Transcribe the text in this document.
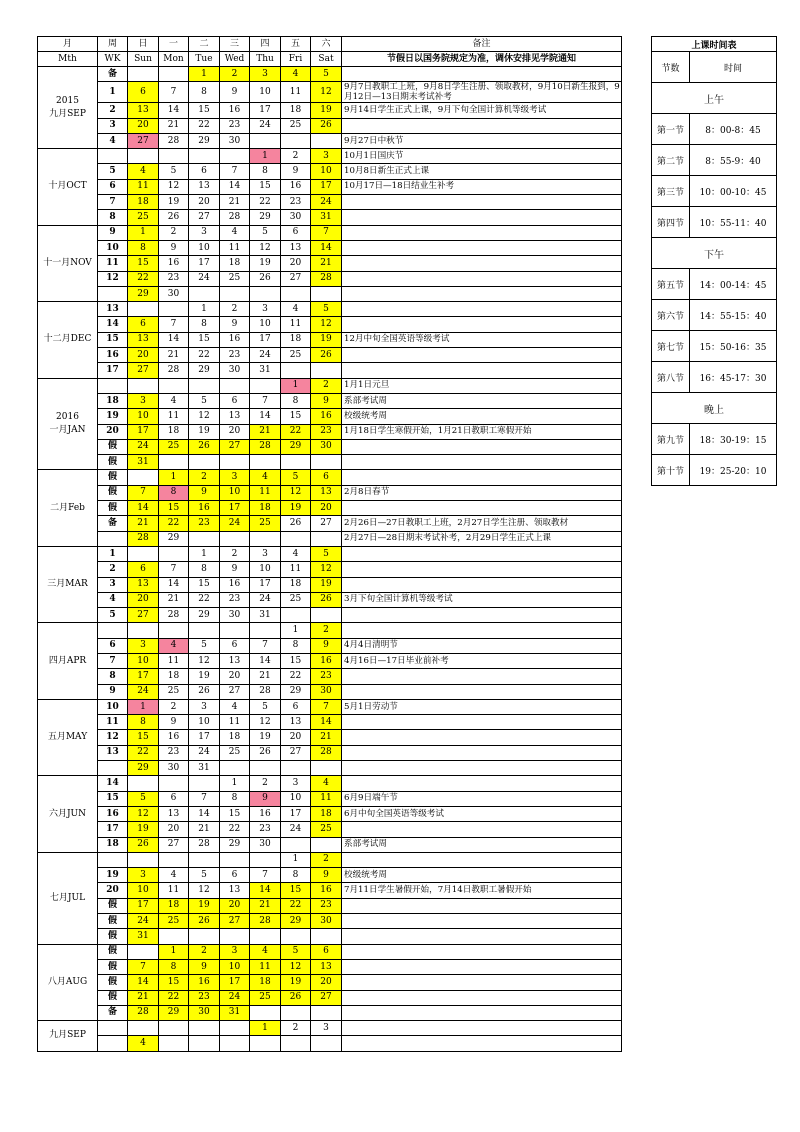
月	周	日	一	二	三	四	五	六	备注
Mth	WK	Sun	Mon	Tue	Wed	Thu	Fri	Sat	节假日以国务院规定为准，调休安排见学院通知
2015
九月SEP	备			1	2	3	4	5	
	1	6	7	8	9	10	11	12	9月7日教职工上班，9月8日学生注册、领取教材，9月10日新生报到，9月12日—13日期末考试补考
	2	13	14	15	16	17	18	19	9月14日学生正式上课，9月下旬全国计算机等级考试
	3	20	21	22	23	24	25	26	
	4	27	28	29	30				9月27日中秋节
十月OCT						1	2	3	10月1日国庆节
	5	4	5	6	7	8	9	10	10月8日新生正式上课
	6	11	12	13	14	15	16	17	10月17日—18日结业生补考
	7	18	19	20	21	22	23	24	
	8	25	26	27	28	29	30	31	
十一月NOV	9	1	2	3	4	5	6	7	
	10	8	9	10	11	12	13	14	
	11	15	16	17	18	19	20	21	
	12	22	23	24	25	26	27	28	
		29	30						
十二月DEC	13			1	2	3	4	5	
	14	6	7	8	9	10	11	12	
	15	13	14	15	16	17	18	19	12月中旬全国英语等级考试
	16	20	21	22	23	24	25	26	
	17	27	28	29	30	31			
2016
一月JAN							1	2	1月1日元旦
	18	3	4	5	6	7	8	9	系部考试周
	19	10	11	12	13	14	15	16	校级统考周
	20	17	18	19	20	21	22	23	1月18日学生寒假开始，1月21日教职工寒假开始
	假	24	25	26	27	28	29	30	
	假	31							
二月Feb	假		1	2	3	4	5	6	
	假	7	8	9	10	11	12	13	2月8日春节
	假	14	15	16	17	18	19	20	
	备	21	22	23	24	25	26	27	2月26日—27日教职工上班，2月27日学生注册、领取教材
		28	29						2月27日—28日期末考试补考，2月29日学生正式上课
三月MAR	1			1	2	3	4	5	
	2	6	7	8	9	10	11	12	
	3	13	14	15	16	17	18	19	
	4	20	21	22	23	24	25	26	3月下旬全国计算机等级考试
	5	27	28	29	30	31			
四月APR							1	2	
	6	3	4	5	6	7	8	9	4月4日清明节
	7	10	11	12	13	14	15	16	4月16日—17日毕业前补考
	8	17	18	19	20	21	22	23	
	9	24	25	26	27	28	29	30	
五月MAY	10	1	2	3	4	5	6	7	5月1日劳动节
	11	8	9	10	11	12	13	14	
	12	15	16	17	18	19	20	21	
	13	22	23	24	25	26	27	28	
		29	30	31					
六月JUN	14				1	2	3	4	
	15	5	6	7	8	9	10	11	6月9日端午节
	16	12	13	14	15	16	17	18	6月中旬全国英语等级考试
	17	19	20	21	22	23	24	25	
	18	26	27	28	29	30			系部考试周
七月JUL							1	2	
	19	3	4	5	6	7	8	9	校级统考周
	20	10	11	12	13	14	15	16	7月11日学生暑假开始，7月14日教职工暑假开始
	假	17	18	19	20	21	22	23	
	假	24	25	26	27	28	29	30	
	假	31							
八月AUG	假		1	2	3	4	5	6	
	假	7	8	9	10	11	12	13	
	假	14	15	16	17	18	19	20	
	假	21	22	23	24	25	26	27	
	备	28	29	30	31				
九月SEP						1	2	3	
		4							
上课时间表	
节数	时间
上午	
第一节	8：00-8：45
第二节	8：55-9：40
第三节	10：00-10：45
第四节	10：55-11：40
下午	
第五节	14：00-14：45
第六节	14：55-15：40
第七节	15：50-16：35
第八节	16：45-17：30
晚上	
第九节	18：30-19：15
第十节	19：25-20：10
